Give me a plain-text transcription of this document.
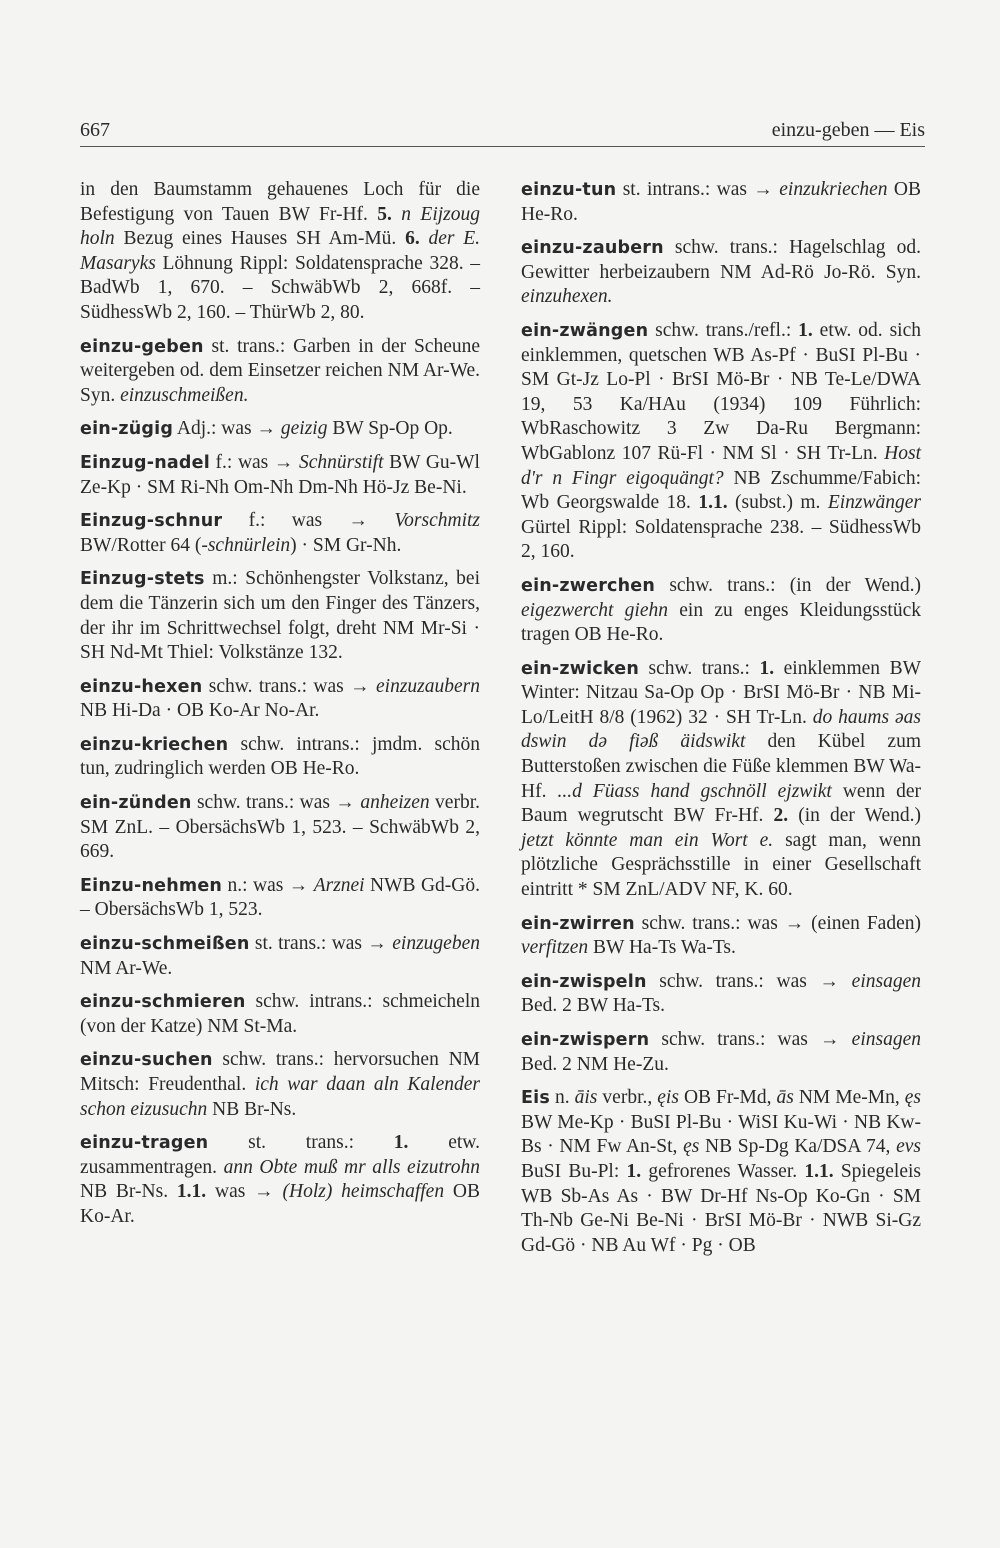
667	einzu-geben — Eis
in den Baumstamm gehauenes Loch für die Befestigung von Tauen BW Fr-Hf. 5. n Eijzoug holn Bezug eines Hauses SH Am-Mü. 6. der E. Masaryks Löhnung Rippl: Soldatensprache 328. – BadWb 1, 670. – SchwäbWb 2, 668f. – SüdhessWb 2, 160. – ThürWb 2, 80.
einzu-geben st. trans.: Garben in der Scheune weitergeben od. dem Einsetzer reichen NM Ar-We. Syn. einzuschmeißen.
ein-zügig Adj.: was → geizig BW Sp-Op Op.
Einzug-nadel f.: was → Schnürstift BW Gu-Wl Ze-Kp · SM Ri-Nh Om-Nh Dm-Nh Hö-Jz Be-Ni.
Einzug-schnur f.: was → Vorschmitz BW/Rotter 64 (-schnürlein) · SM Gr-Nh.
Einzug-stets m.: Schönhengster Volkstanz, bei dem die Tänzerin sich um den Finger des Tänzers, der ihr im Schrittwechsel folgt, dreht NM Mr-Si · SH Nd-Mt Thiel: Volkstänze 132.
einzu-hexen schw. trans.: was → einzuzaubern NB Hi-Da · OB Ko-Ar No-Ar.
einzu-kriechen schw. intrans.: jmdm. schön tun, zudringlich werden OB He-Ro.
ein-zünden schw. trans.: was → anheizen verbr. SM ZnL. – ObersächsWb 1, 523. – SchwäbWb 2, 669.
Einzu-nehmen n.: was → Arznei NWB Gd-Gö. – ObersächsWb 1, 523.
einzu-schmeißen st. trans.: was → einzugeben NM Ar-We.
einzu-schmieren schw. intrans.: schmeicheln (von der Katze) NM St-Ma.
einzu-suchen schw. trans.: hervorsuchen NM Mitsch: Freudenthal. ich war daan aln Kalender schon eizusuchn NB Br-Ns.
einzu-tragen st. trans.: 1. etw. zusammentragen. ann Obte muß mr alls eizutrohn NB Br-Ns. 1.1. was → (Holz) heimschaffen OB Ko-Ar.
einzu-tun st. intrans.: was → einzukriechen OB He-Ro.
einzu-zaubern schw. trans.: Hagelschlag od. Gewitter herbeizaubern NM Ad-Rö Jo-Rö. Syn. einzuhexen.
ein-zwängen schw. trans./refl.: 1. etw. od. sich einklemmen, quetschen WB As-Pf · BuSI Pl-Bu · SM Gt-Jz Lo-Pl · BrSI Mö-Br · NB Te-Le/DWA 19, 53 Ka/HAu (1934) 109 Führlich: WbRaschowitz 3 Zw Da-Ru Bergmann: WbGablonz 107 Rü-Fl · NM Sl · SH Tr-Ln. Host d'r n Fingr eigoquängt? NB Zschumme/Fabich: Wb Georgswalde 18. 1.1. (subst.) m. Einzwänger Gürtel Rippl: Soldatensprache 238. – SüdhessWb 2, 160.
ein-zwerchen schw. trans.: (in der Wend.) eigezwercht giehn ein zu enges Kleidungsstück tragen OB He-Ro.
ein-zwicken schw. trans.: 1. einklemmen BW Winter: Nitzau Sa-Op Op · BrSI Mö-Br · NB Mi-Lo/LeitH 8/8 (1962) 32 · SH Tr-Ln. do haums əas dswin də fiəß äidswikt den Kübel zum Butterstoßen zwischen die Füße klemmen BW Wa-Hf. ...d Füass hand gschnöll ejzwikt wenn der Baum wegrutscht BW Fr-Hf. 2. (in der Wend.) jetzt könnte man ein Wort e. sagt man, wenn plötzliche Gesprächsstille in einer Gesellschaft eintritt * SM ZnL/ADV NF, K. 60.
ein-zwirren schw. trans.: was → (einen Faden) verfitzen BW Ha-Ts Wa-Ts.
ein-zwispeln schw. trans.: was → einsagen Bed. 2 BW Ha-Ts.
ein-zwispern schw. trans.: was → einsagen Bed. 2 NM He-Zu.
Eis n. āis verbr., ęis OB Fr-Md, ās NM Me-Mn, ęs BW Me-Kp · BuSI Pl-Bu · WiSI Ku-Wi · NB Kw-Bs · NM Fw An-St, ęs NB Sp-Dg Ka/DSA 74, evs BuSI Bu-Pl: 1. gefrorenes Wasser. 1.1. Spiegeleis WB Sb-As As · BW Dr-Hf Ns-Op Ko-Gn · SM Th-Nb Ge-Ni Be-Ni · BrSI Mö-Br · NWB Si-Gz Gd-Gö · NB Au Wf · Pg · OB
